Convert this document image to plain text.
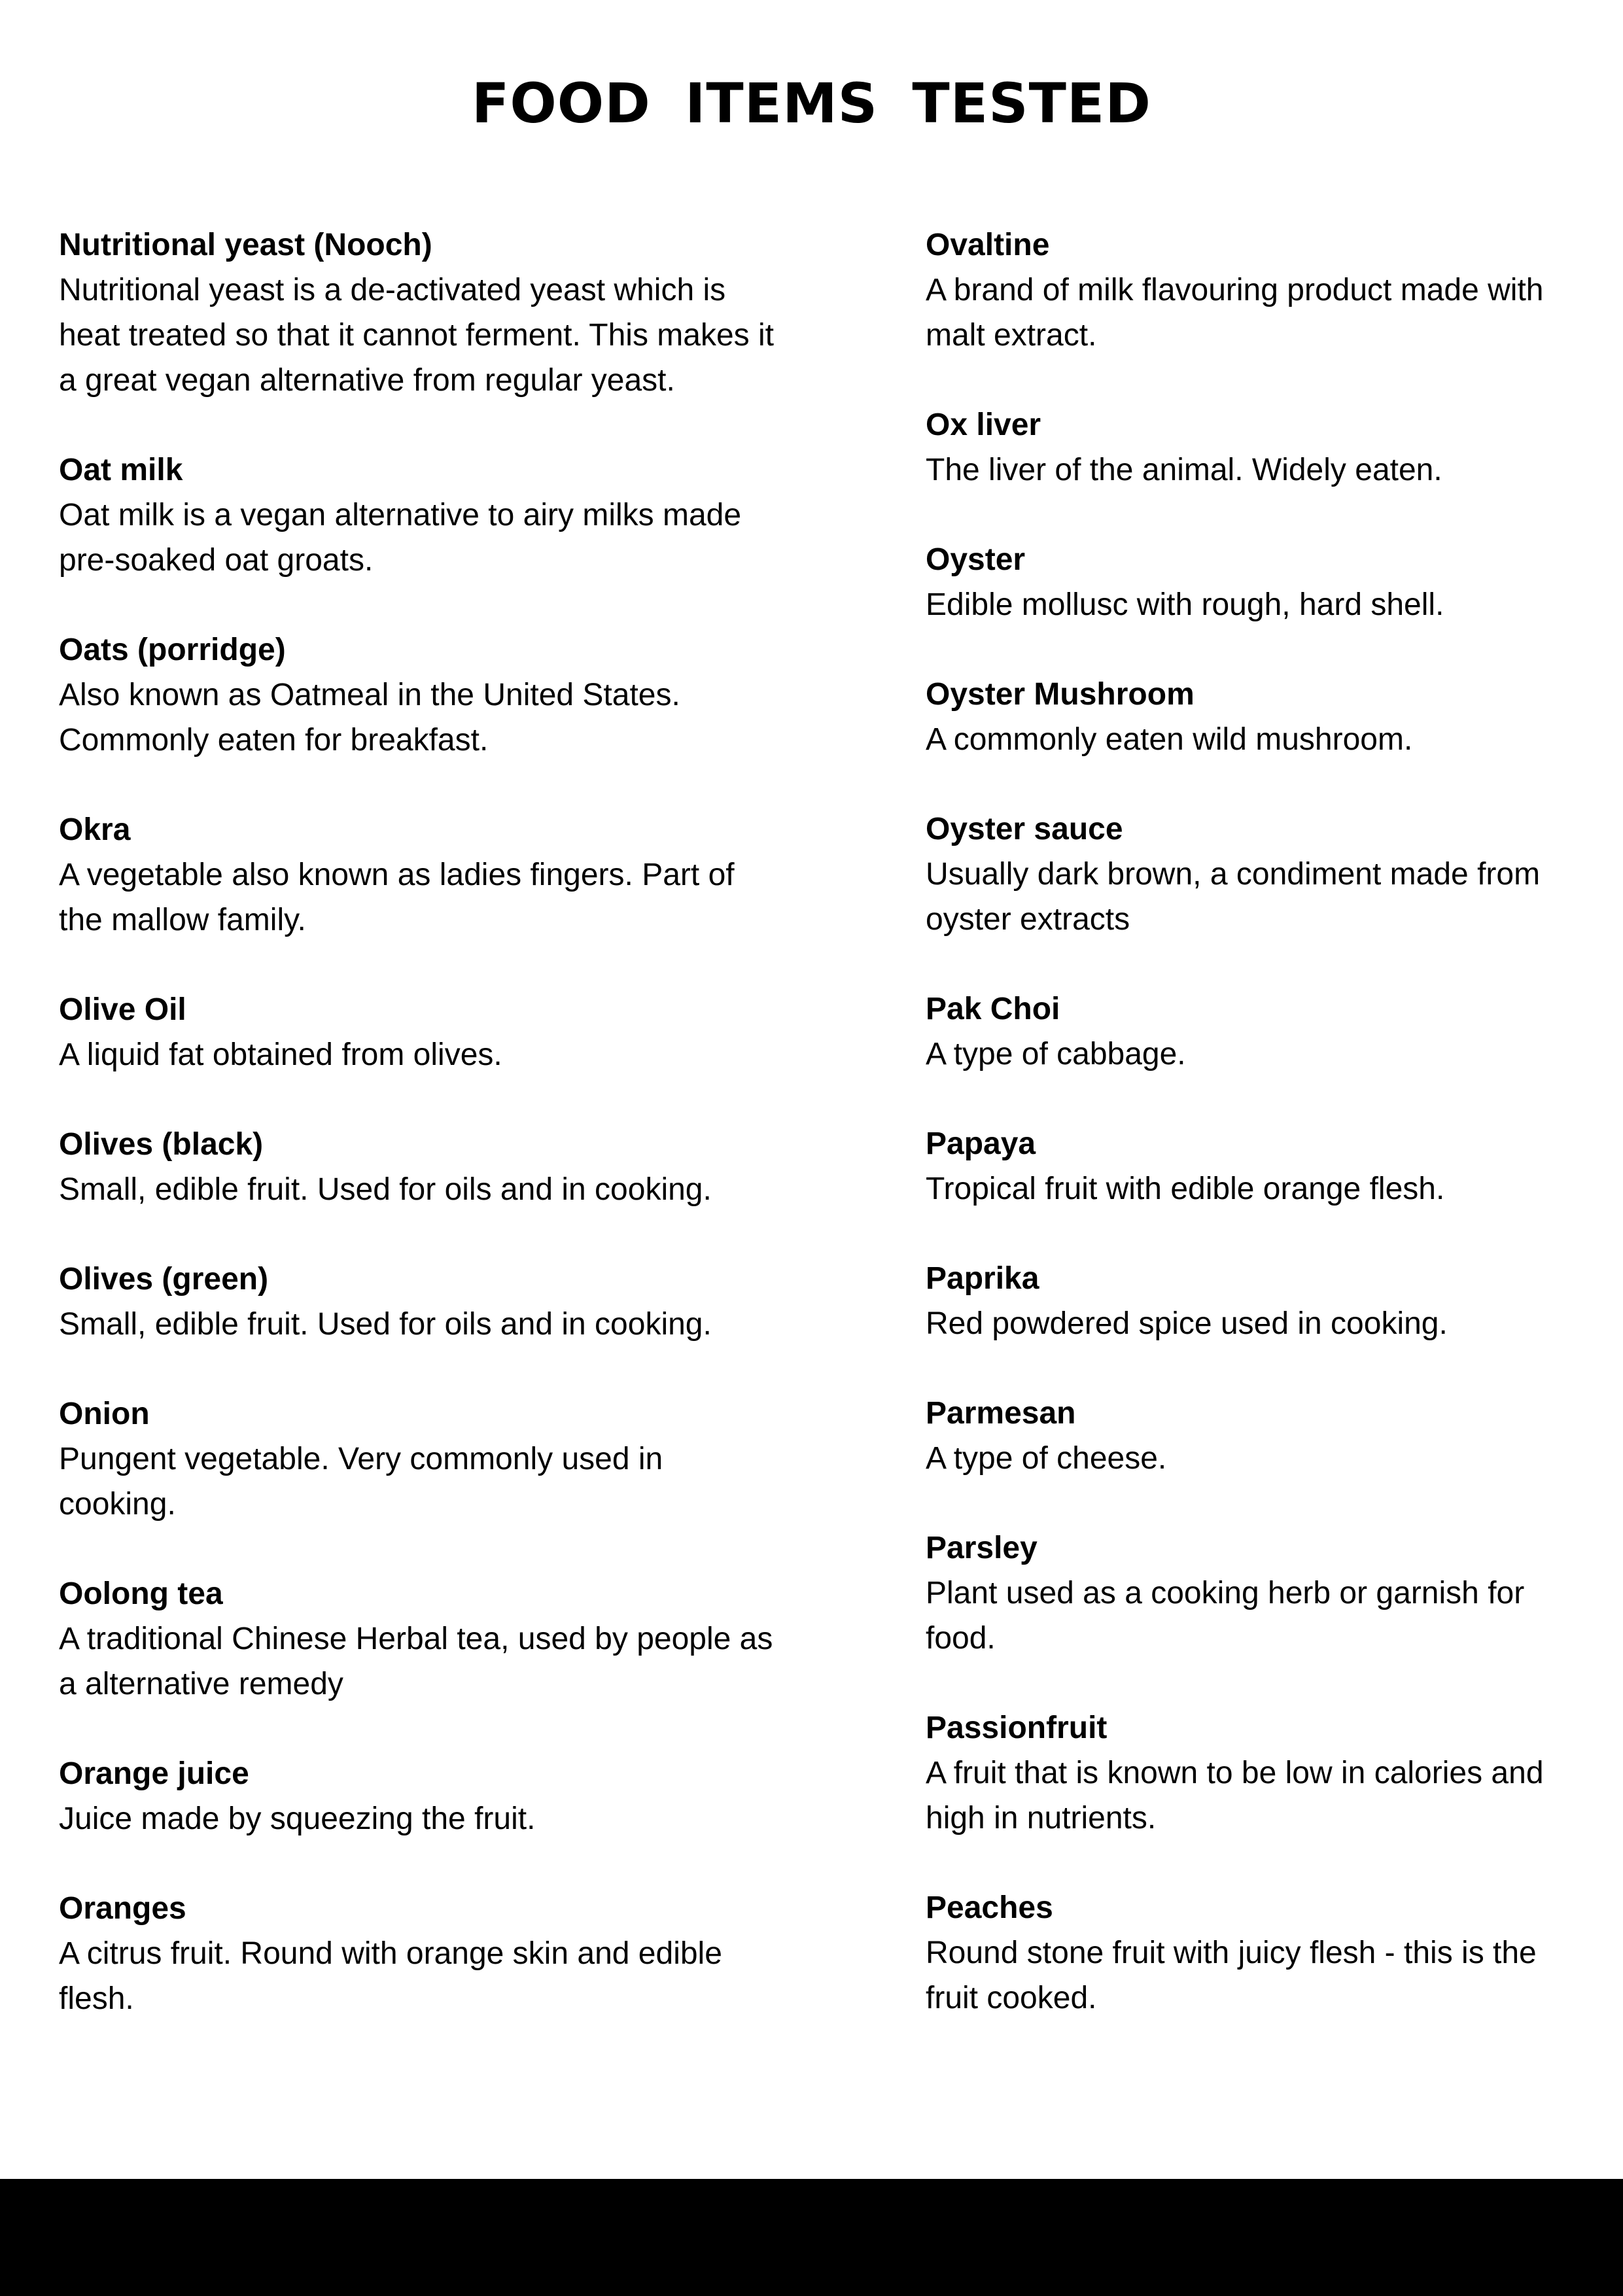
FOOD ITEMS TESTED
Nutritional yeast (Nooch)
Nutritional yeast is a de-activated yeast which is heat treated so that it cannot ferment. This makes it a great vegan alternative from regular yeast.
Oat milk
Oat milk is a vegan alternative to airy milks made pre-soaked oat groats.
Oats (porridge)
Also known as Oatmeal in the United States. Commonly eaten for breakfast.
Okra
A vegetable also known as ladies fingers. Part of the mallow family.
Olive Oil
A liquid fat obtained from olives.
Olives (black)
Small, edible fruit. Used for oils and in cooking.
Olives (green)
Small, edible fruit. Used for oils and in cooking.
Onion
Pungent vegetable. Very commonly used in cooking.
Oolong tea
A traditional Chinese Herbal tea, used by people as a alternative remedy
Orange juice
Juice made by squeezing the fruit.
Oranges
A citrus fruit. Round with orange skin and edible flesh.
Ovaltine
A brand of milk flavouring product made with malt extract.
Ox liver
The liver of the animal. Widely eaten.
Oyster
Edible mollusc with rough, hard shell.
Oyster Mushroom
A commonly eaten wild mushroom.
Oyster sauce
Usually dark brown, a condiment made from oyster extracts
Pak Choi
A type of cabbage.
Papaya
Tropical fruit with edible orange flesh.
Paprika
Red powdered spice used in cooking.
Parmesan
A type of cheese.
Parsley
Plant used as a cooking herb or garnish for food.
Passionfruit
A fruit that is known to be low in calories and high in nutrients.
Peaches
Round stone fruit with juicy flesh - this is the fruit cooked.
